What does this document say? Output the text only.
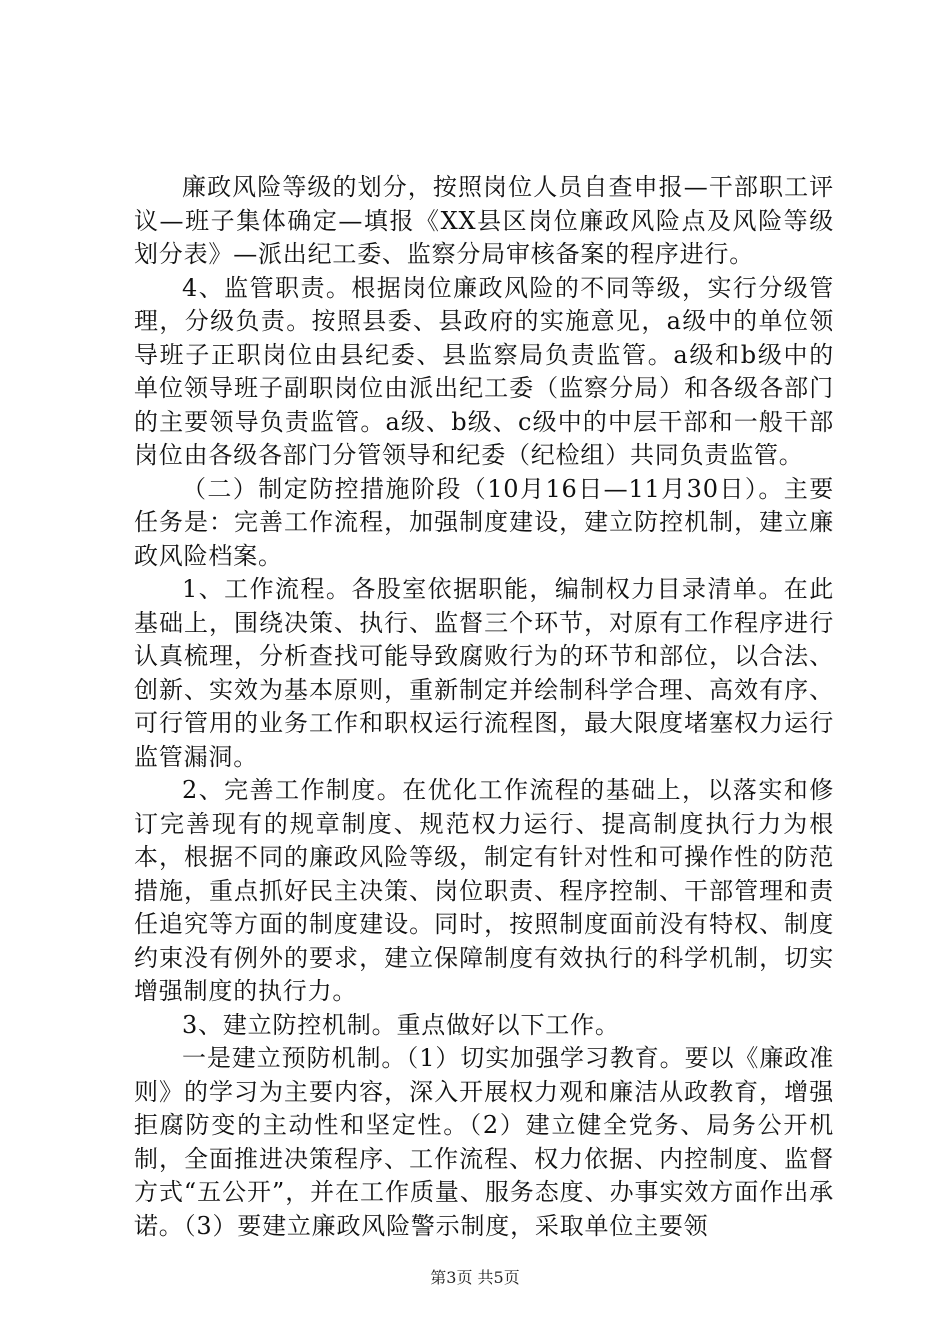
廉政风险等级的划分，按照岗位人员自查申报—干部职工评议—班子集体确定—填报《XX县区岗位廉政风险点及风险等级划分表》—派出纪工委、监察分局审核备案的程序进行。

4、监管职责。根据岗位廉政风险的不同等级，实行分级管理，分级负责。按照县委、县政府的实施意见，a级中的单位领导班子正职岗位由县纪委、县监察局负责监管。a级和b级中的单位领导班子副职岗位由派出纪工委（监察分局）和各级各部门的主要领导负责监管。a级、b级、c级中的中层干部和一般干部岗位由各级各部门分管领导和纪委（纪检组）共同负责监管。

（二）制定防控措施阶段（10月16日—11月30日）。主要任务是：完善工作流程，加强制度建设，建立防控机制，建立廉政风险档案。

1、工作流程。各股室依据职能，编制权力目录清单。在此基础上，围绕决策、执行、监督三个环节，对原有工作程序进行认真梳理，分析查找可能导致腐败行为的环节和部位，以合法、创新、实效为基本原则，重新制定并绘制科学合理、高效有序、可行管用的业务工作和职权运行流程图，最大限度堵塞权力运行监管漏洞。

2、完善工作制度。在优化工作流程的基础上，以落实和修订完善现有的规章制度、规范权力运行、提高制度执行力为根本，根据不同的廉政风险等级，制定有针对性和可操作性的防范措施，重点抓好民主决策、岗位职责、程序控制、干部管理和责任追究等方面的制度建设。同时，按照制度面前没有特权、制度约束没有例外的要求，建立保障制度有效执行的科学机制，切实增强制度的执行力。

3、建立防控机制。重点做好以下工作。

一是建立预防机制。（1）切实加强学习教育。要以《廉政准则》的学习为主要内容，深入开展权力观和廉洁从政教育，增强拒腐防变的主动性和坚定性。（2）建立健全党务、局务公开机制，全面推进决策程序、工作流程、权力依据、内控制度、监督方式“五公开”，并在工作质量、服务态度、办事实效方面作出承诺。（3）要建立廉政风险警示制度，采取单位主要领

第3页 共5页
